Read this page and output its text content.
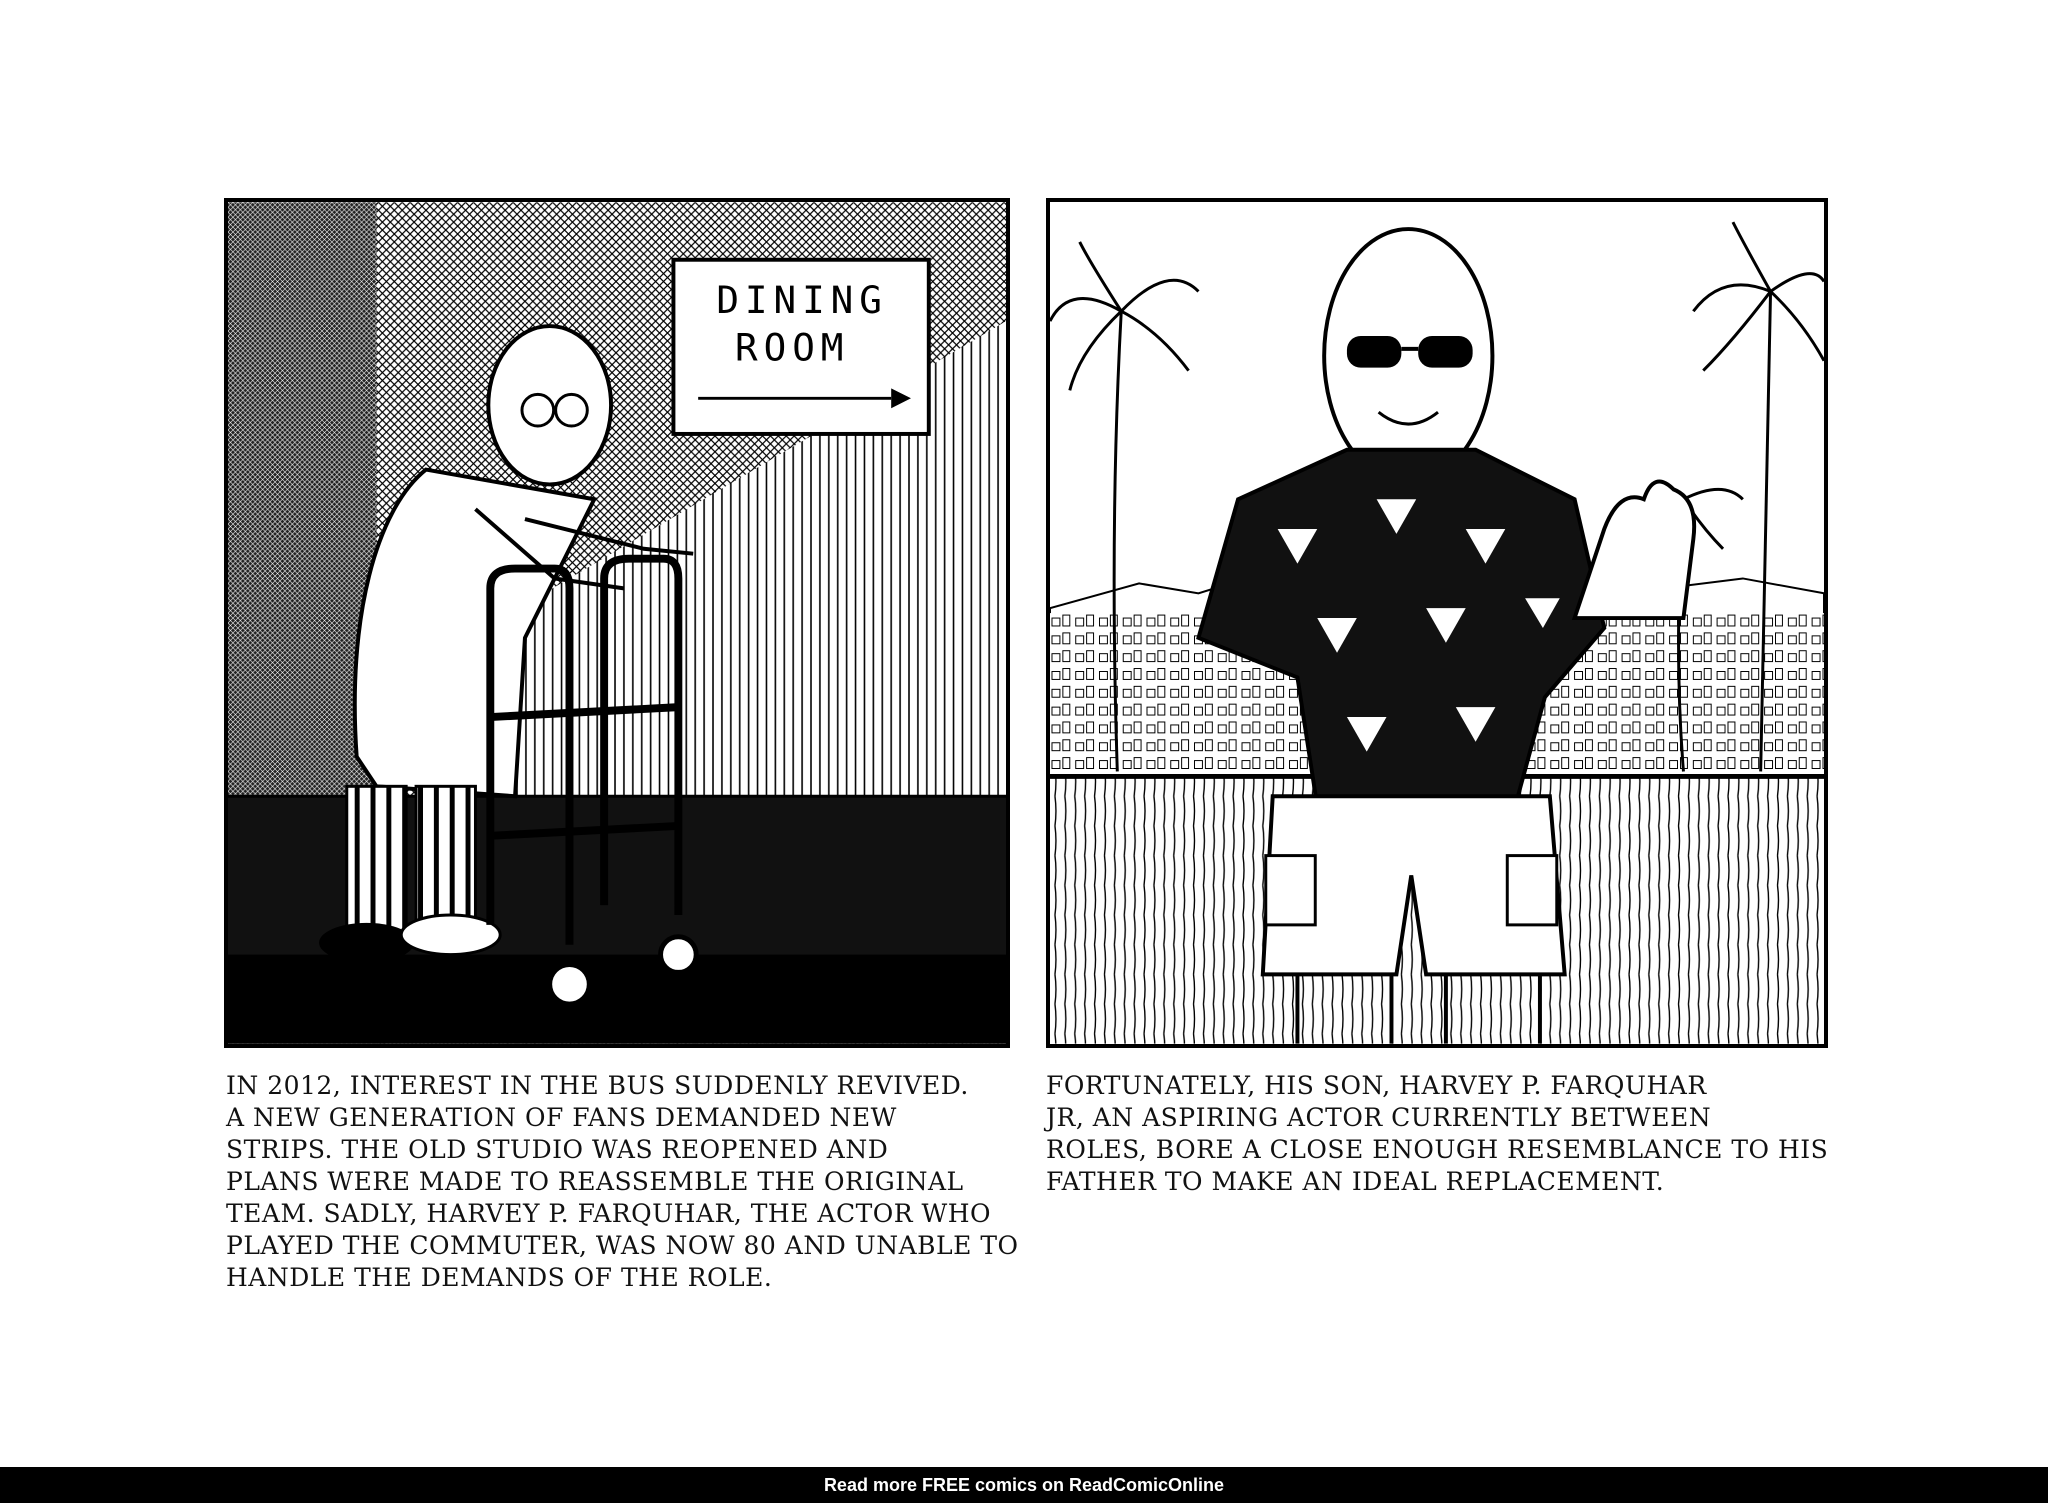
DINING
ROOM
IN 2012, INTEREST IN THE BUS SUDDENLY REVIVED.
A NEW GENERATION OF FANS DEMANDED NEW
STRIPS. THE OLD STUDIO WAS REOPENED AND
PLANS WERE MADE TO REASSEMBLE THE ORIGINAL
TEAM. SADLY, HARVEY P. FARQUHAR, THE ACTOR WHO
PLAYED THE COMMUTER, WAS NOW 80 AND UNABLE TO
HANDLE THE DEMANDS OF THE ROLE.
FORTUNATELY, HIS SON, HARVEY P. FARQUHAR
JR, AN ASPIRING ACTOR CURRENTLY BETWEEN
ROLES, BORE A CLOSE ENOUGH RESEMBLANCE TO HIS
FATHER TO MAKE AN IDEAL REPLACEMENT.
Read more FREE comics on ReadComicOnline
